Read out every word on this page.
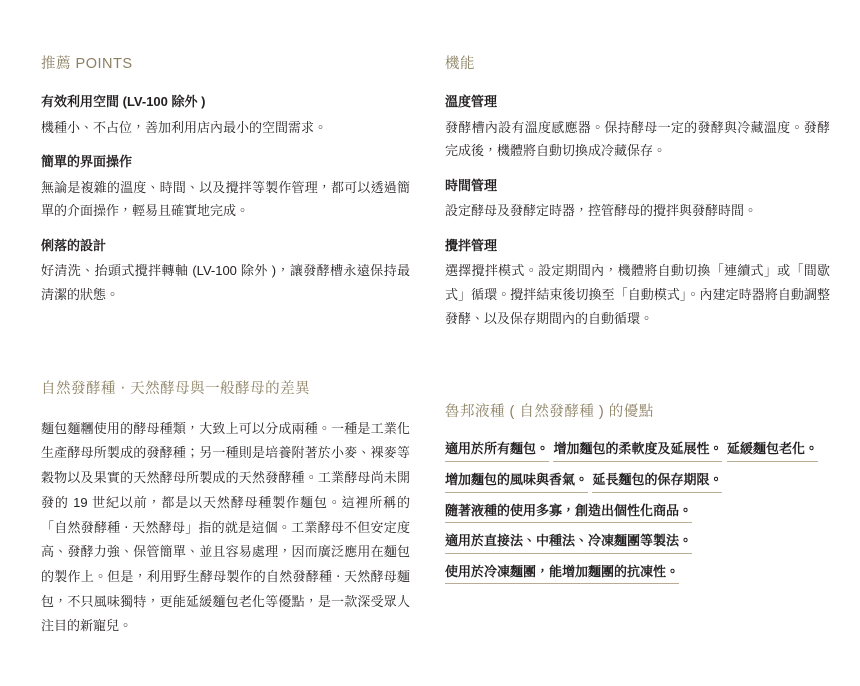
推薦 POINTS

有效利用空間 (LV-100 除外 )

機種小、不占位，善加利用店內最小的空間需求。

簡單的界面操作

無論是複雜的溫度、時間、以及攪拌等製作管理，都可以透過簡單的介面操作，輕易且確實地完成。

俐落的設計

好清洗、抬頭式攪拌轉軸 (LV-100 除外 )，讓發酵槽永遠保持最清潔的狀態。

自然發酵種 ‧ 天然酵母與一般酵母的差異

麵包麵糰使用的酵母種類，大致上可以分成兩種。一種是工業化生產酵母所製成的發酵種；另一種則是培養附著於小麥、裸麥等穀物以及果實的天然酵母所製成的天然發酵種。工業酵母尚未開發的 19 世紀以前，都是以天然酵母種製作麵包。這裡所稱的「自然發酵種 ‧ 天然酵母」指的就是這個。工業酵母不但安定度高、發酵力強、保管簡單、並且容易處理，因而廣泛應用在麵包的製作上。但是，利用野生酵母製作的自然發酵種 ‧ 天然酵母麵包，不只風味獨特，更能延緩麵包老化等優點，是一款深受眾人注目的新寵兒。

機能

溫度管理

發酵槽內設有溫度感應器。保持酵母一定的發酵與冷藏溫度。發酵完成後，機體將自動切換成冷藏保存。

時間管理

設定酵母及發酵定時器，控管酵母的攪拌與發酵時間。

攪拌管理

選擇攪拌模式。設定期間內，機體將自動切換「連續式」或「間歇式」循環。攪拌結束後切換至「自動模式」。內建定時器將自動調整發酵、以及保存期間內的自動循環。

魯邦液種 ( 自然發酵種 ) 的優點
適用於所有麵包。 增加麵包的柔軟度及延展性。 延緩麵包老化。 增加麵包的風味與香氣。 延長麵包的保存期限。 隨著液種的使用多寡，創造出個性化商品。 適用於直接法、中種法、冷凍麵團等製法。 使用於冷凍麵團，能增加麵團的抗凍性。
